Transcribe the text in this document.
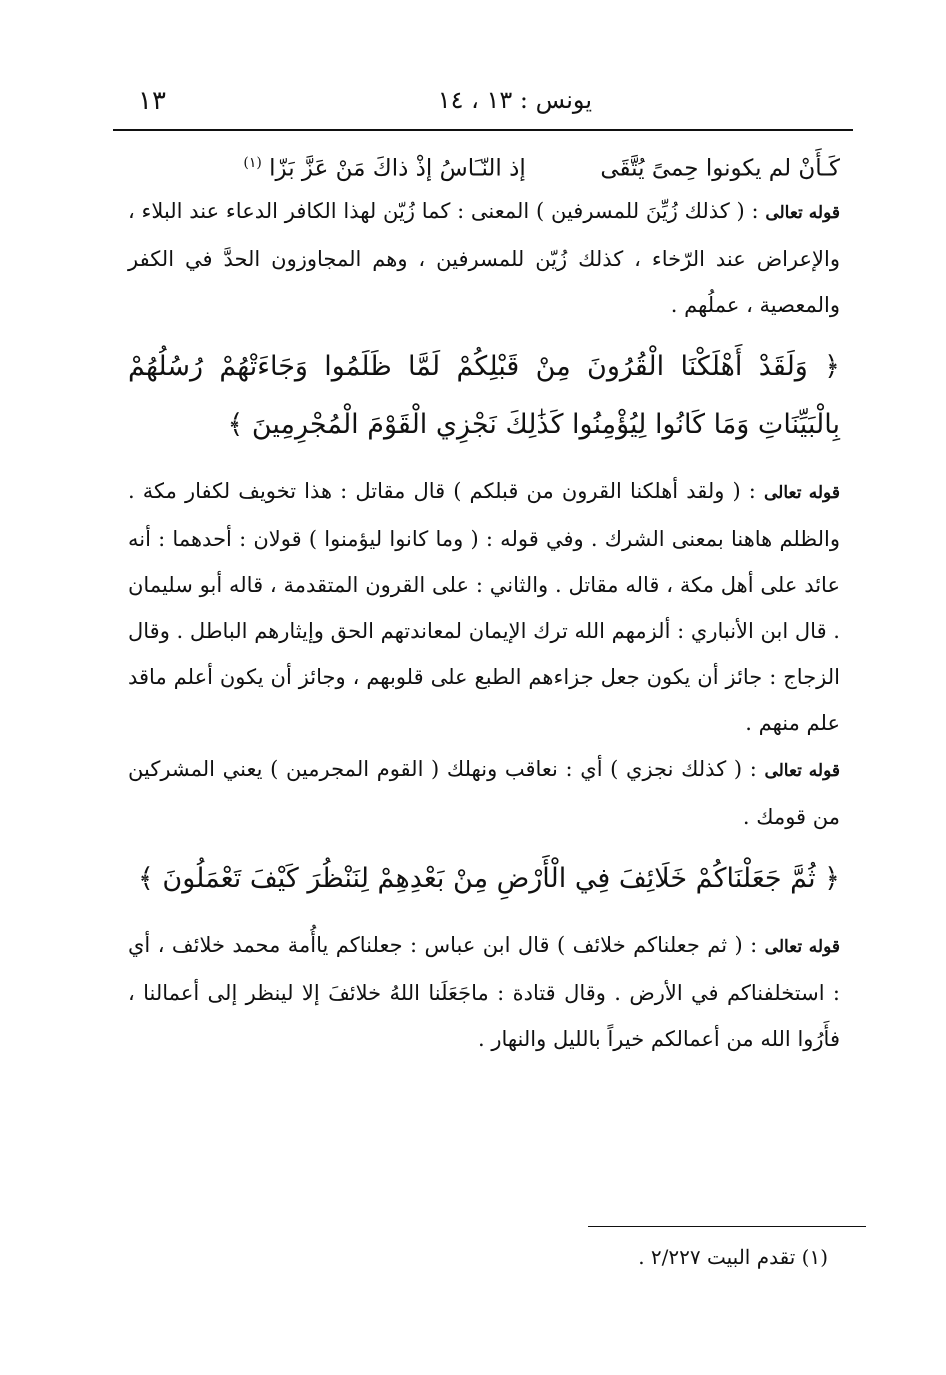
يونس : ١٣ ، ١٤
١٣
كَـأَنْ لم يكونوا حِمىً يُتَّقَى  إذ النّـَاسُ إذْ ذاكَ مَنْ عَزَّ بَزّا $^{(١)}$

قوله تعالى : ( كذلك زُيِّنَ للمسرفين ) المعنى : كما زُيّن لهذا الكافر الدعاء عند البلاء ، والإعراض عند الرّخاء ، كذلك زُيّن للمسرفين ، وهم المجاوزون الحدَّ في الكفر والمعصية ، عملُهم .

﴿ وَلَقَدْ أَهْلَكْنَا الْقُرُونَ مِنْ قَبْلِكُمْ لَمَّا ظَلَمُوا وَجَاءَتْهُمْ رُسُلُهُمْ بِالْبَيِّنَاتِ وَمَا كَانُوا لِيُؤْمِنُوا كَذَٰلِكَ نَجْزِي الْقَوْمَ الْمُجْرِمِينَ ﴾

قوله تعالى : ( ولقد أهلكنا القرون من قبلكم ) قال مقاتل : هذا تخويف لكفار مكة . والظلم هاهنا بمعنى الشرك . وفي قوله : ( وما كانوا ليؤمنوا ) قولان : أحدهما : أنه عائد على أهل مكة ، قاله مقاتل . والثاني : على القرون المتقدمة ، قاله أبو سليمان . قال ابن الأنباري : ألزمهم الله ترك الإيمان لمعاندتهم الحق وإيثارهم الباطل . وقال الزجاج : جائز أن يكون جعل جزاءهم الطبع على قلوبهم ، وجائز أن يكون أعلم ماقد علم منهم .

قوله تعالى : ( كذلك نجزي ) أي : نعاقب ونهلك ( القوم المجرمين ) يعني المشركين من قومك .

﴿ ثُمَّ جَعَلْنَاكُمْ خَلَائِفَ فِي الْأَرْضِ مِنْ بَعْدِهِمْ لِنَنْظُرَ كَيْفَ تَعْمَلُونَ ﴾

قوله تعالى : ( ثم جعلناكم خلائف ) قال ابن عباس : جعلناكم ياأُمة محمد خلائف ، أي : استخلفناكم في الأرض . وقال قتادة : ماجَعَلَنا اللهُ خلائفَ إلا لينظر إلى أعمالنا ، فأَرُوا الله من أعمالكم خيراً بالليل والنهار .

(١) تقدم البيت ٢/٢٢٧ .
